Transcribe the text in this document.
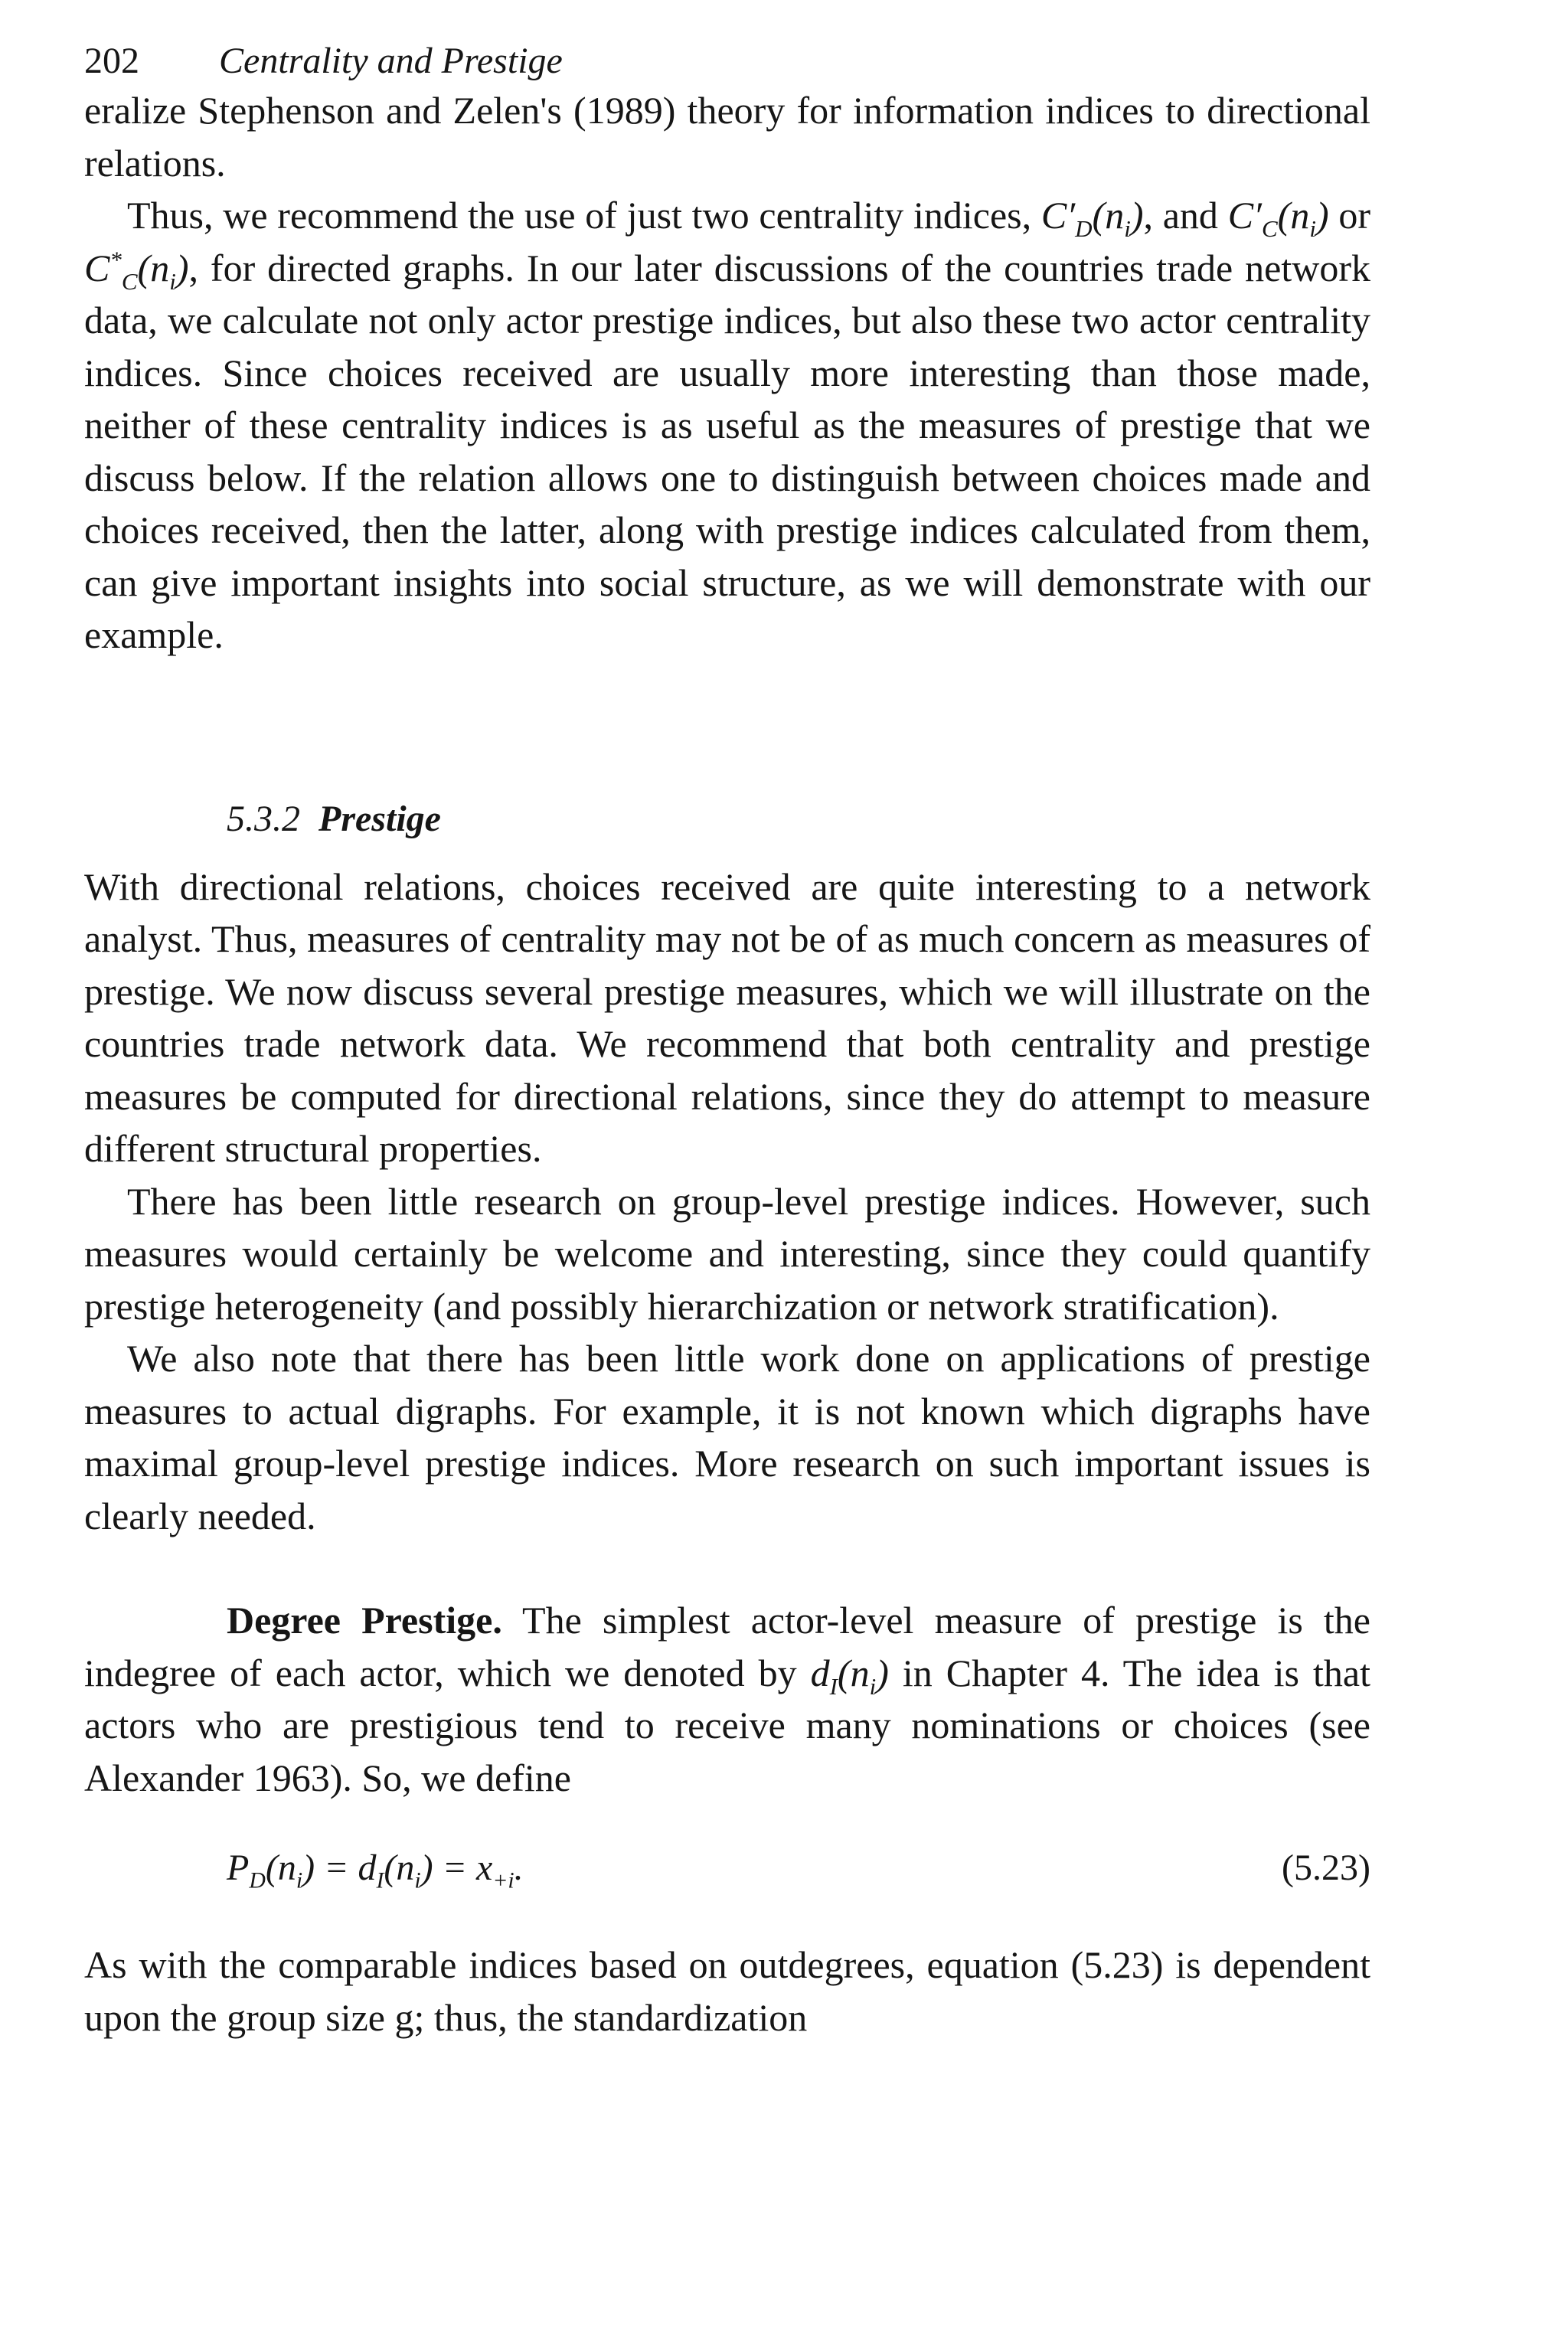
202 Centrality and Prestige

eralize Stephenson and Zelen's (1989) theory for information indices to directional relations.

Thus, we recommend the use of just two centrality indices, $C'_D(n_i)$, and $C'_C(n_i)$ or $C^*_C(n_i)$, for directed graphs. In our later discussions of the countries trade network data, we calculate not only actor prestige indices, but also these two actor centrality indices. Since choices received are usually more interesting than those made, neither of these centrality indices is as useful as the measures of prestige that we discuss below. If the relation allows one to distinguish between choices made and choices received, then the latter, along with prestige indices calculated from them, can give important insights into social structure, as we will demonstrate with our example.

5.3.2 Prestige

With directional relations, choices received are quite interesting to a network analyst. Thus, measures of centrality may not be of as much concern as measures of prestige. We now discuss several prestige measures, which we will illustrate on the countries trade network data. We recommend that both centrality and prestige measures be computed for directional relations, since they do attempt to measure different structural properties.

There has been little research on group-level prestige indices. However, such measures would certainly be welcome and interesting, since they could quantify prestige heterogeneity (and possibly hierarchization or network stratification).

We also note that there has been little work done on applications of prestige measures to actual digraphs. For example, it is not known which digraphs have maximal group-level prestige indices. More research on such important issues is clearly needed.

Degree Prestige. The simplest actor-level measure of prestige is the indegree of each actor, which we denoted by $d_I(n_i)$ in Chapter 4. The idea is that actors who are prestigious tend to receive many nominations or choices (see Alexander 1963). So, we define

$P_D(n_i) = d_I(n_i) = x_{+i}$.	(5.23)

As with the comparable indices based on outdegrees, equation (5.23) is dependent upon the group size g; thus, the standardization
